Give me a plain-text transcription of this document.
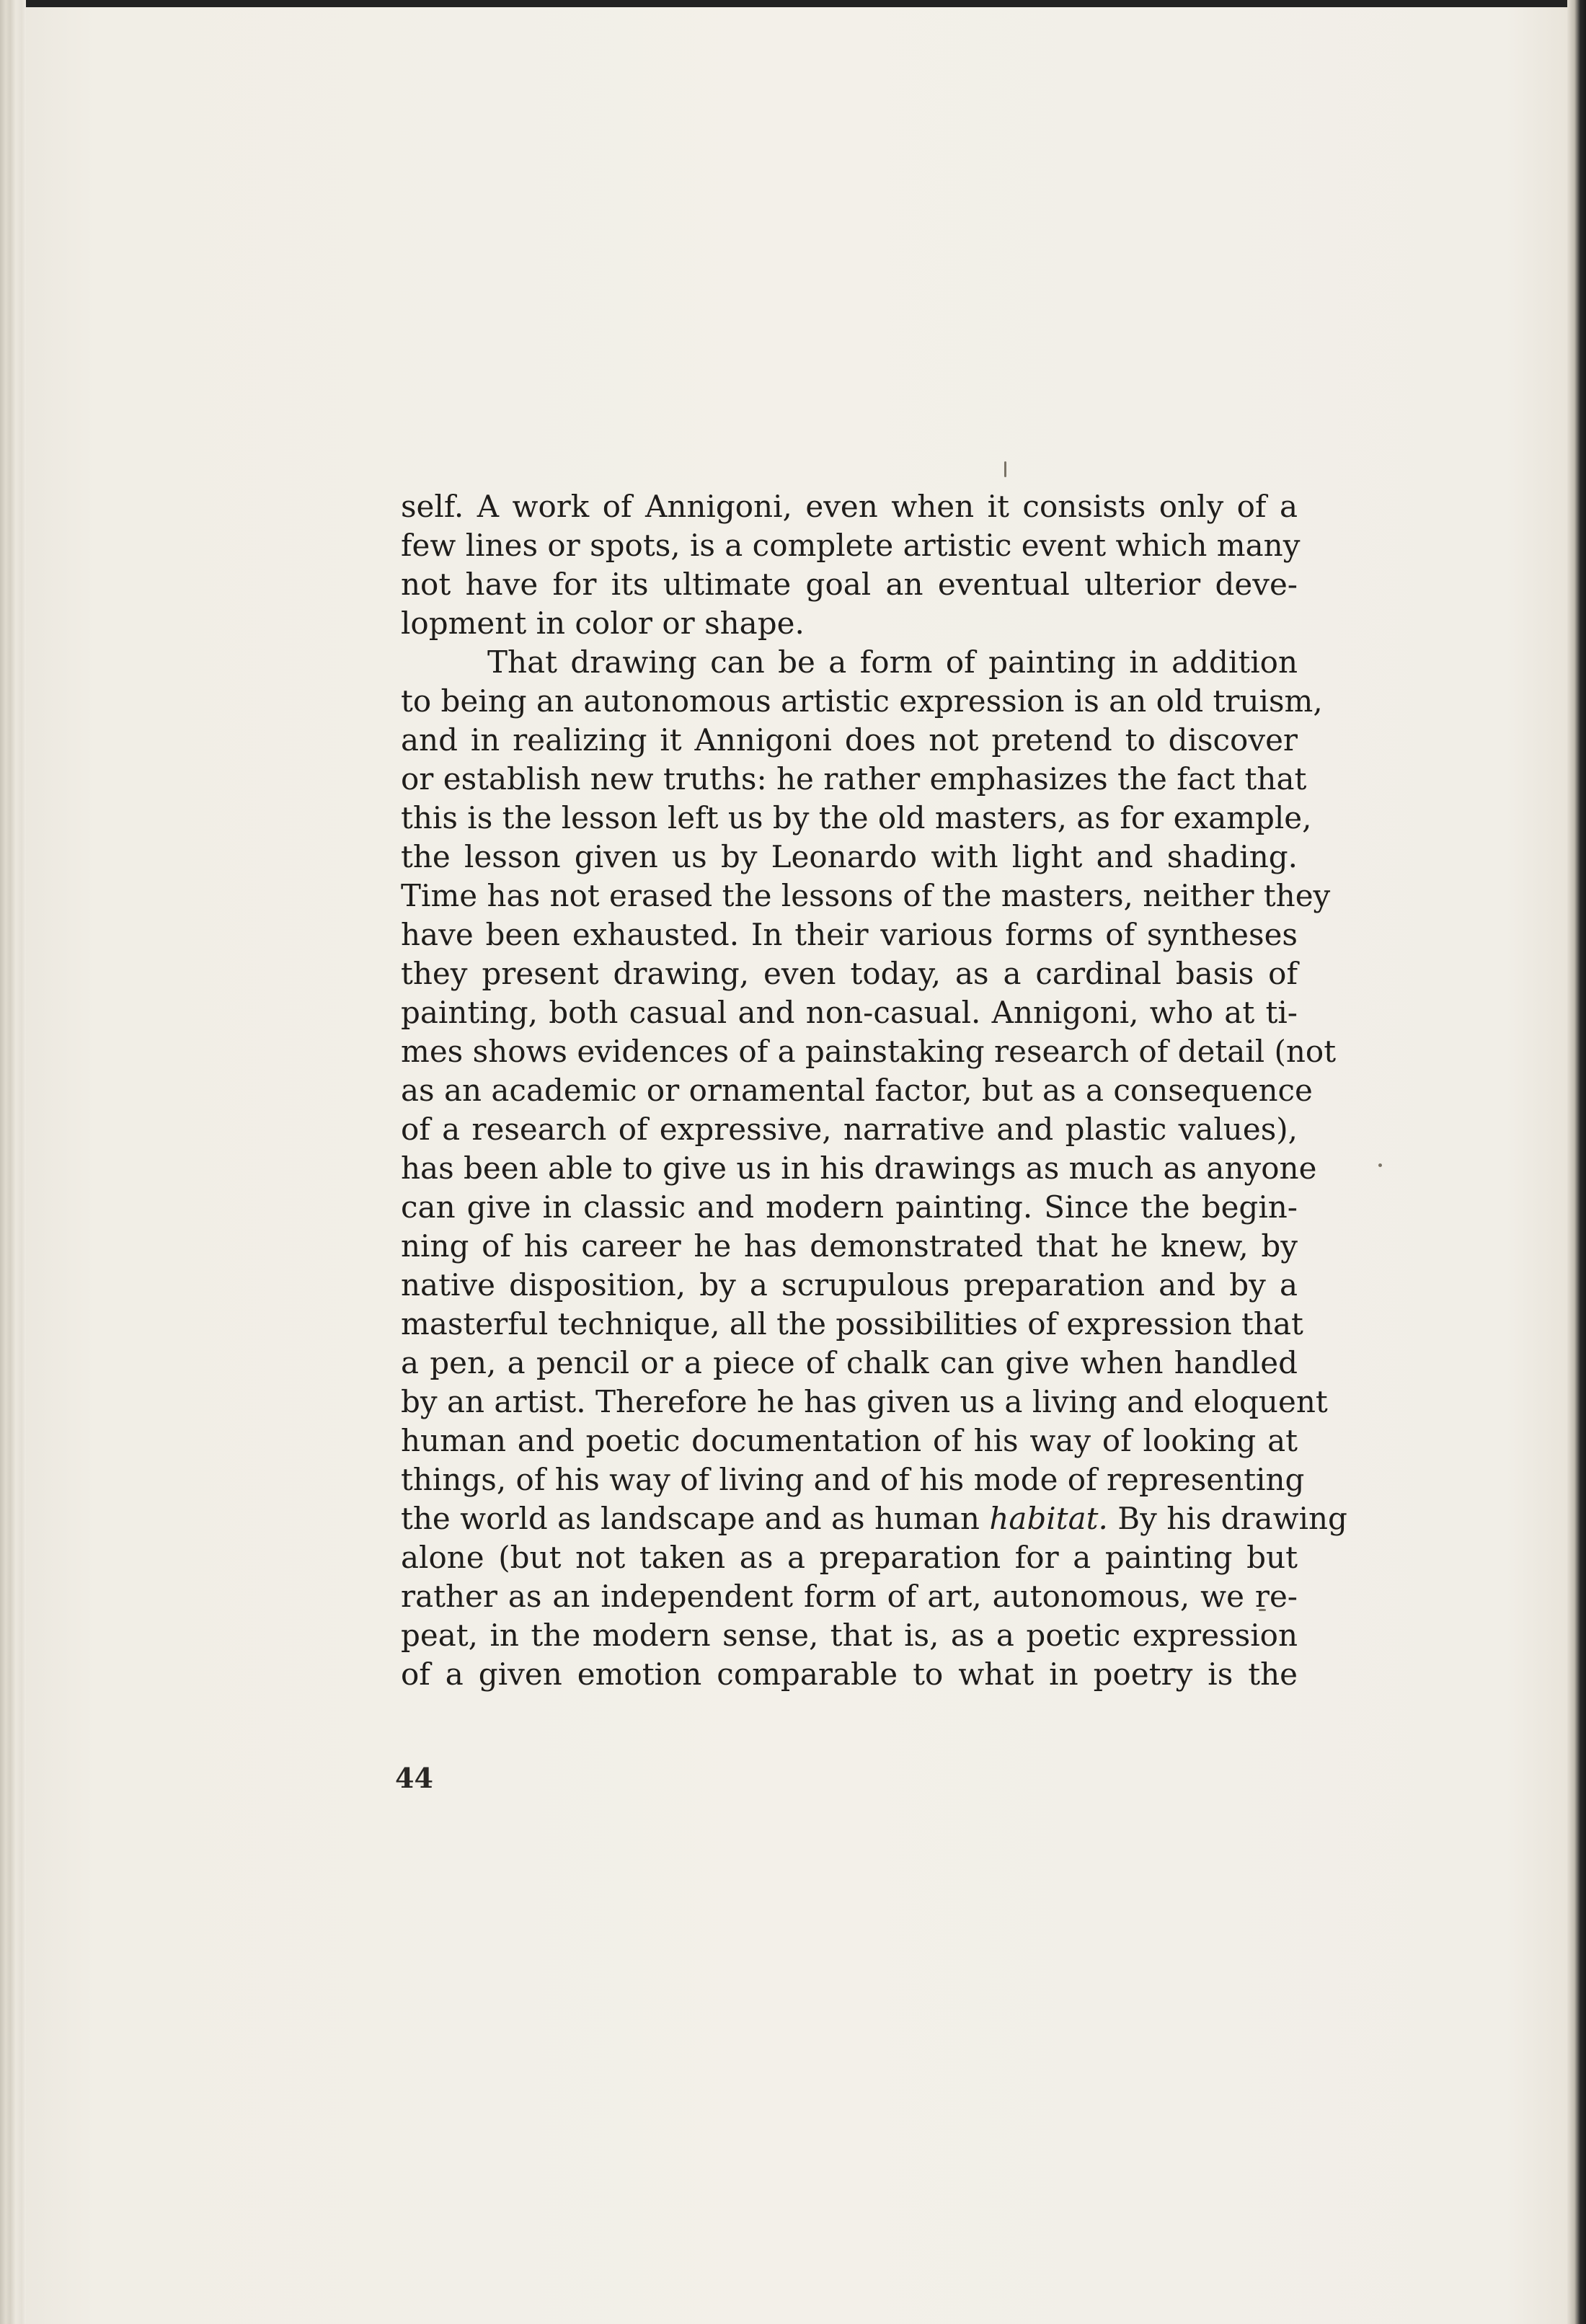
self. A work of Annigoni, even when it consists only of a
few lines or spots, is a complete artistic event which many
not have for its ultimate goal an eventual ulterior deve-
lopment in color or shape.
That drawing can be a form of painting in addition
to being an autonomous artistic expression is an old truism,
and in realizing it Annigoni does not pretend to discover
or establish new truths: he rather emphasizes the fact that
this is the lesson left us by the old masters, as for example,
the lesson given us by Leonardo with light and shading.
Time has not erased the lessons of the masters, neither they
have been exhausted. In their various forms of syntheses
they present drawing, even today, as a cardinal basis of
painting, both casual and non-casual. Annigoni, who at ti-
mes shows evidences of a painstaking research of detail (not
as an academic or ornamental factor, but as a consequence
of a research of expressive, narrative and plastic values),
has been able to give us in his drawings as much as anyone
can give in classic and modern painting. Since the begin-
ning of his career he has demonstrated that he knew, by
native disposition, by a scrupulous preparation and by a
masterful technique, all the possibilities of expression that
a pen, a pencil or a piece of chalk can give when handled
by an artist. Therefore he has given us a living and eloquent
human and poetic documentation of his way of looking at
things, of his way of living and of his mode of representing
the world as landscape and as human habitat. By his drawing
alone (but not taken as a preparation for a painting but
rather as an independent form of art, autonomous, we re-
peat, in the modern sense, that is, as a poetic expression
of a given emotion comparable to what in poetry is the
44
